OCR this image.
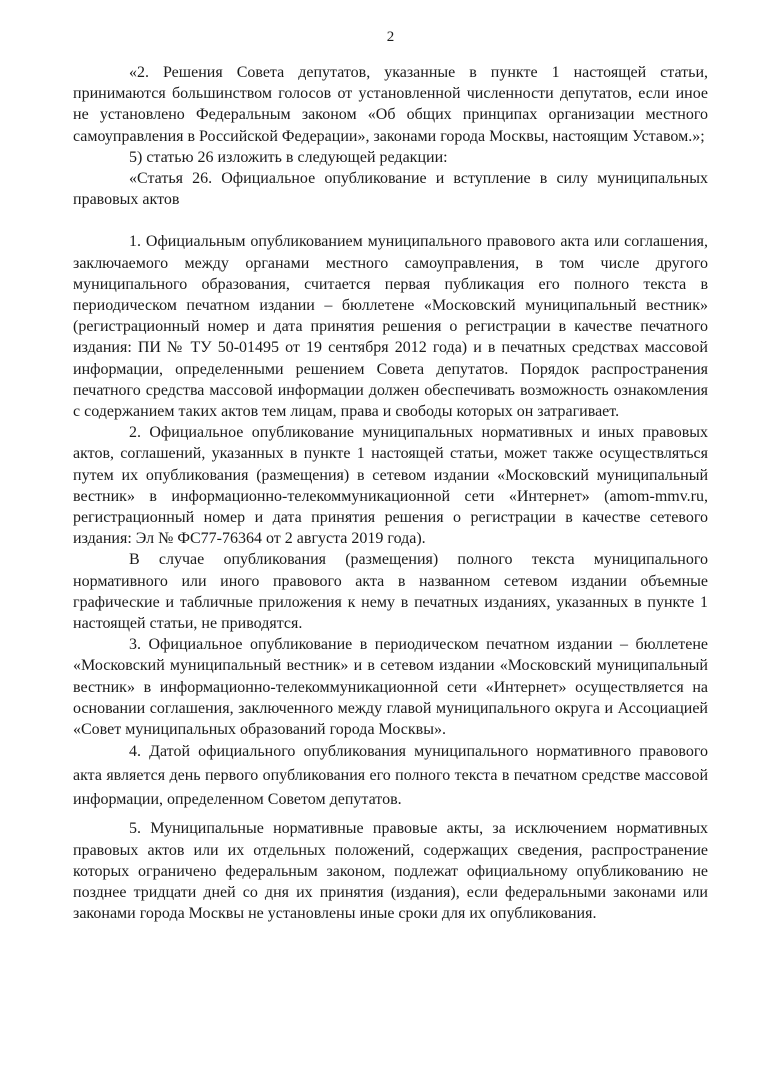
2

«2. Решения Совета депутатов, указанные в пункте 1 настоящей статьи, принимаются большинством голосов от установленной численности депутатов, если иное не установлено Федеральным законом «Об общих принципах организации местного самоуправления в Российской Федерации», законами города Москвы, настоящим Уставом.»;

5) статью 26 изложить в следующей редакции:

«Статья 26. Официальное опубликование и вступление в силу муниципальных правовых актов

1. Официальным опубликованием муниципального правового акта или соглашения, заключаемого между органами местного самоуправления, в том числе другого муниципального образования, считается первая публикация его полного текста в периодическом печатном издании – бюллетене «Московский муниципальный вестник» (регистрационный номер и дата принятия решения о регистрации в качестве печатного издания: ПИ № ТУ 50-01495 от 19 сентября 2012 года) и в печатных средствах массовой информации, определенными решением Совета депутатов. Порядок распространения печатного средства массовой информации должен обеспечивать возможность ознакомления с содержанием таких актов тем лицам, права и свободы которых он затрагивает.

2. Официальное опубликование муниципальных нормативных и иных правовых актов, соглашений, указанных в пункте 1 настоящей статьи, может также осуществляться путем их опубликования (размещения) в сетевом издании «Московский муниципальный вестник» в информационно-телекоммуникационной сети «Интернет» (amom-mmv.ru, регистрационный номер и дата принятия решения о регистрации в качестве сетевого издания: Эл № ФС77-76364 от 2 августа 2019 года).

В случае опубликования (размещения) полного текста муниципального нормативного или иного правового акта в названном сетевом издании объемные графические и табличные приложения к нему в печатных изданиях, указанных в пункте 1 настоящей статьи, не приводятся.

3. Официальное опубликование в периодическом печатном издании – бюллетене «Московский муниципальный вестник» и в сетевом издании «Московский муниципальный вестник» в информационно-телекоммуникационной сети «Интернет» осуществляется на основании соглашения, заключенного между главой муниципального округа и Ассоциацией «Совет муниципальных образований города Москвы».

4. Датой официального опубликования муниципального нормативного правового акта является день первого опубликования его полного текста в печатном средстве массовой информации, определенном Советом депутатов.

5. Муниципальные нормативные правовые акты, за исключением нормативных правовых актов или их отдельных положений, содержащих сведения, распространение которых ограничено федеральным законом, подлежат официальному опубликованию не позднее тридцати дней со дня их принятия (издания), если федеральными законами или законами города Москвы не установлены иные сроки для их опубликования.
